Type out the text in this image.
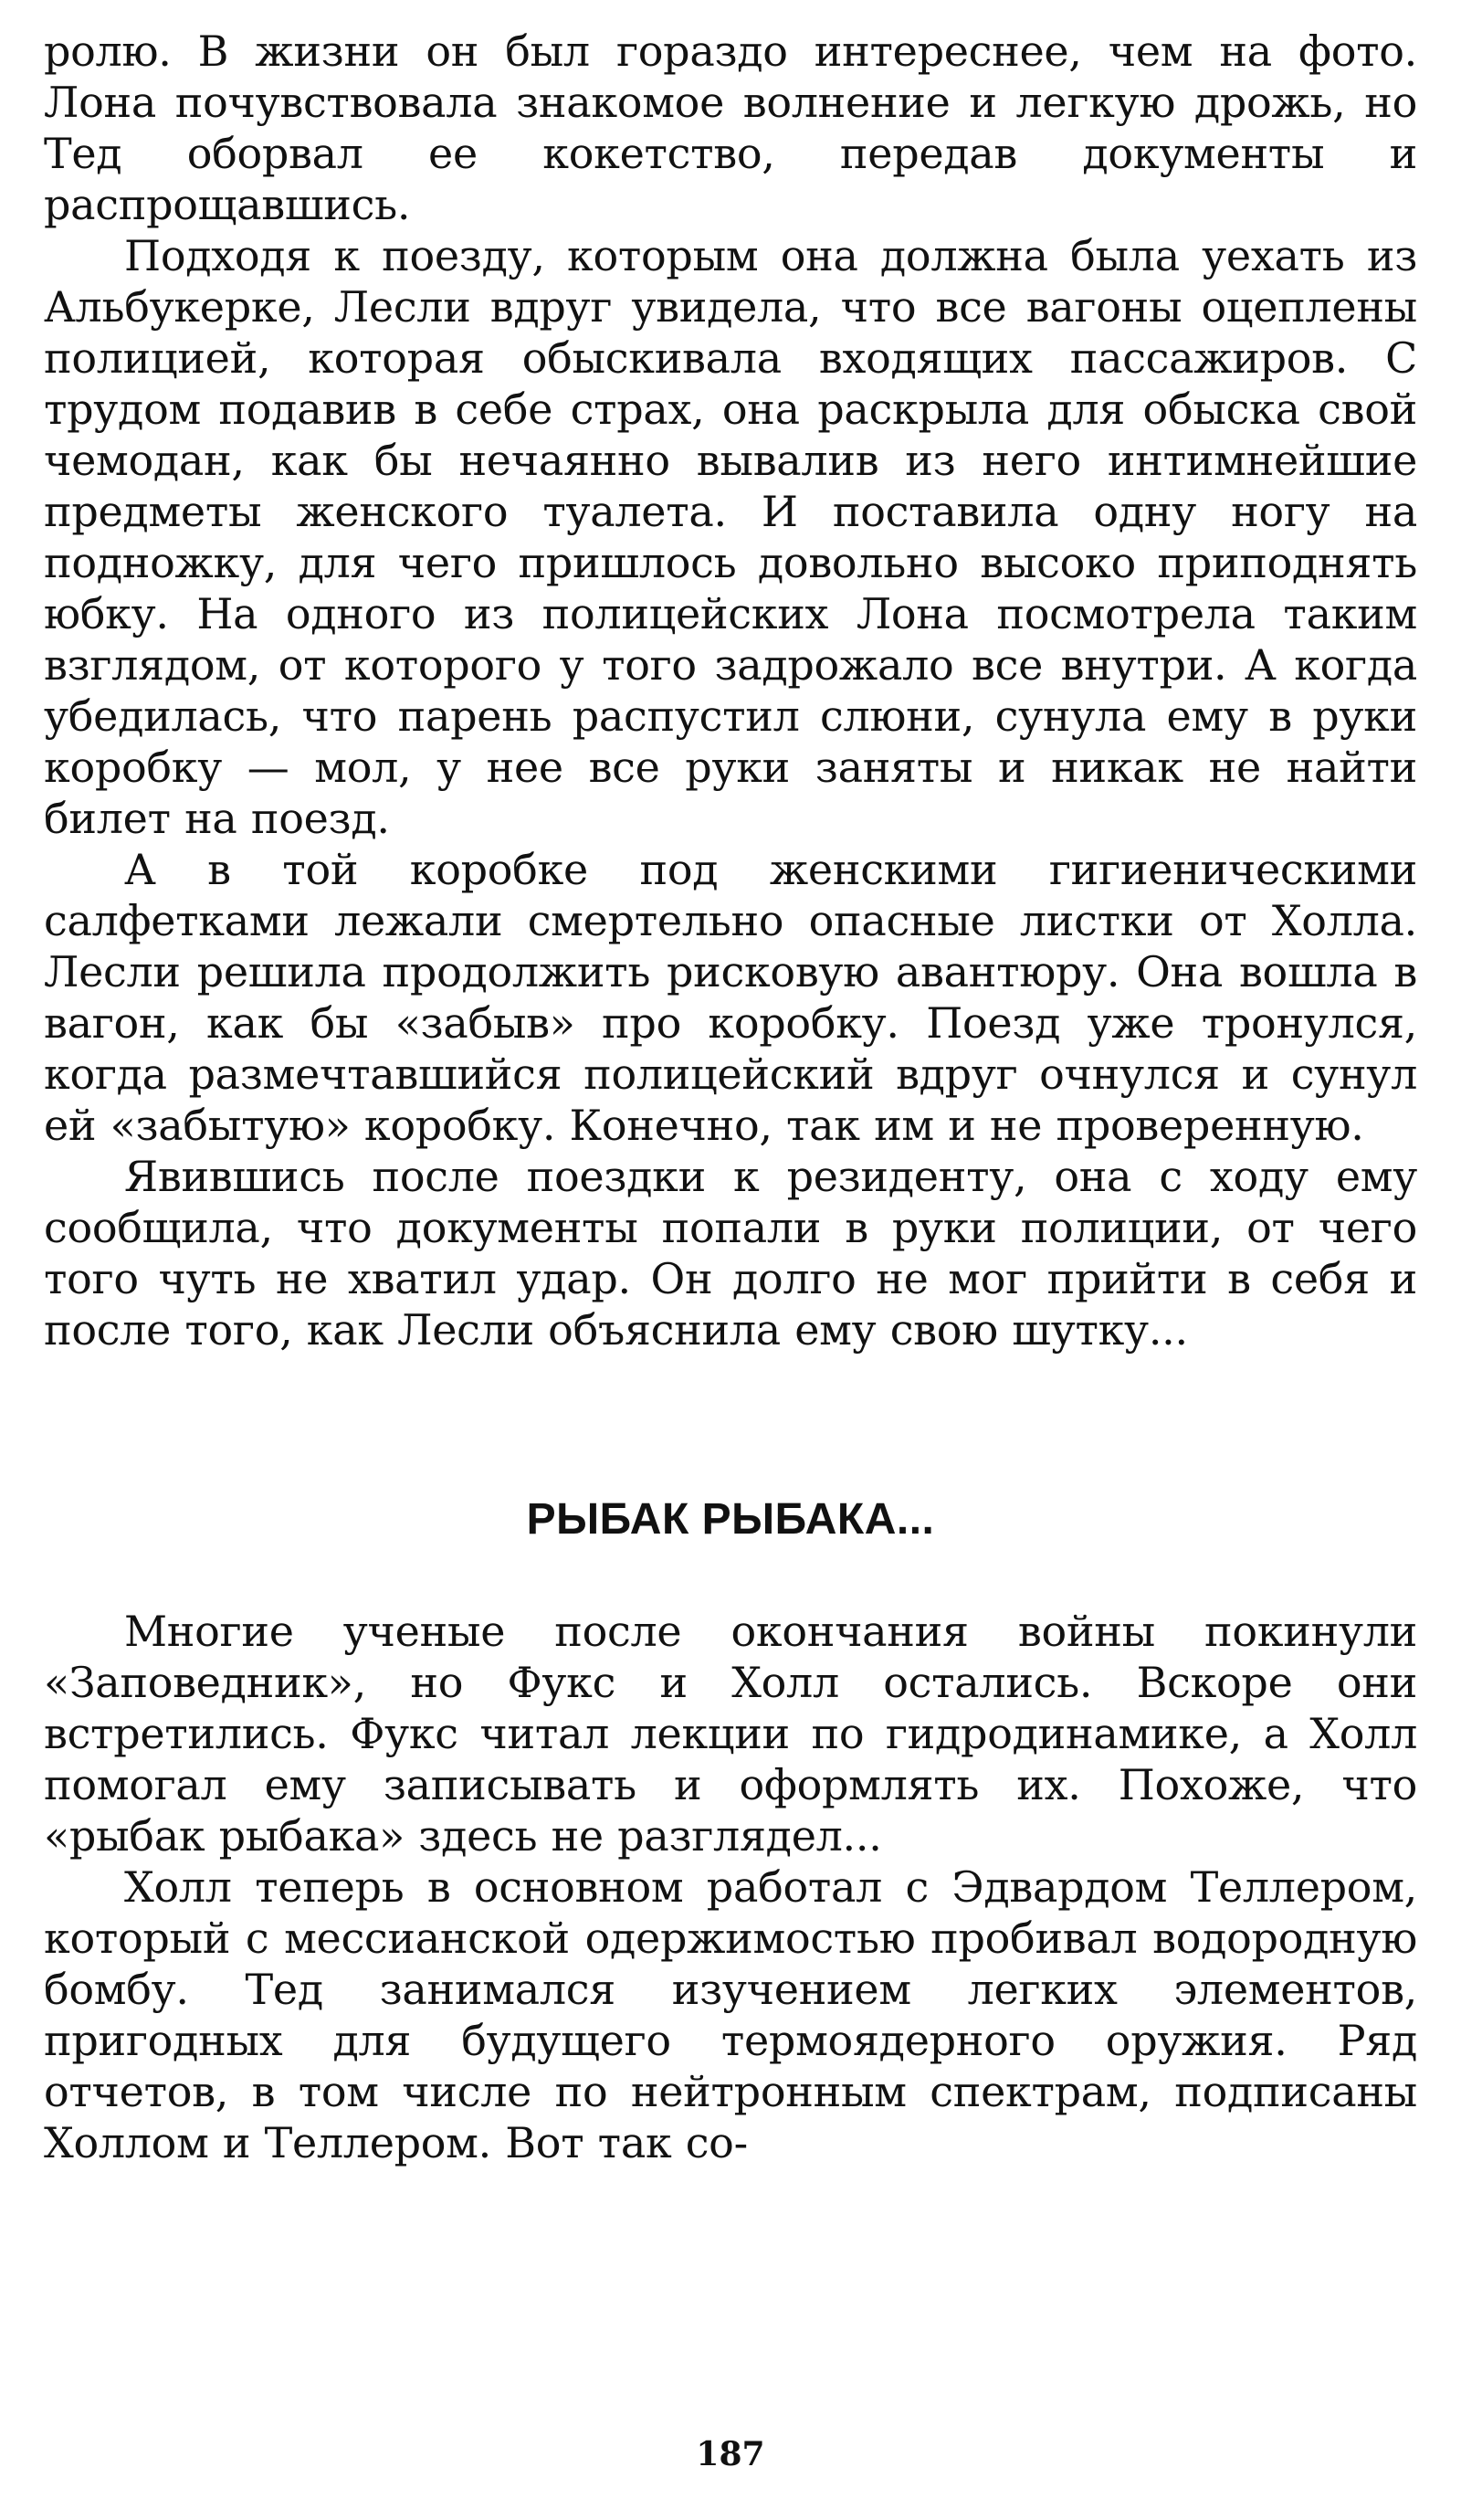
ролю. В жизни он был гораздо интереснее, чем на фото. Лона почувствовала знакомое волнение и легкую дрожь, но Тед оборвал ее кокетство, передав документы и распрощавшись.

Подходя к поезду, которым она должна была уехать из Альбукерке, Лесли вдруг увидела, что все вагоны оцеплены полицией, которая обыскивала входящих пассажиров. С трудом подавив в себе страх, она раскрыла для обыска свой чемодан, как бы нечаянно вывалив из него интимнейшие предметы женского туалета. И поставила одну ногу на подножку, для чего пришлось довольно высоко приподнять юбку. На одного из полицейских Лона посмотрела таким взглядом, от которого у того задрожало все внутри. А когда убедилась, что парень распустил слюни, сунула ему в руки коробку — мол, у нее все руки заняты и никак не найти билет на поезд.

А в той коробке под женскими гигиеническими салфетками лежали смертельно опасные листки от Холла. Лесли решила продолжить рисковую авантюру. Она вошла в вагон, как бы «забыв» про коробку. Поезд уже тронулся, когда размечтавшийся полицейский вдруг очнулся и сунул ей «забытую» коробку. Конечно, так им и не проверенную.

Явившись после поездки к резиденту, она с ходу ему сообщила, что документы попали в руки полиции, от чего того чуть не хватил удар. Он долго не мог прийти в себя и после того, как Лесли объяснила ему свою шутку...

РЫБАК РЫБАКА...

Многие ученые после окончания войны покинули «Заповедник», но Фукс и Холл остались. Вскоре они встретились. Фукс читал лекции по гидродинамике, а Холл помогал ему записывать и оформлять их. Похоже, что «рыбак рыбака» здесь не разглядел...

Холл теперь в основном работал с Эдвардом Теллером, который с мессианской одержимостью пробивал водородную бомбу. Тед занимался изучением легких элементов, пригодных для будущего термоядерного оружия. Ряд отчетов, в том числе по нейтронным спектрам, подписаны Холлом и Теллером. Вот так со-

187
